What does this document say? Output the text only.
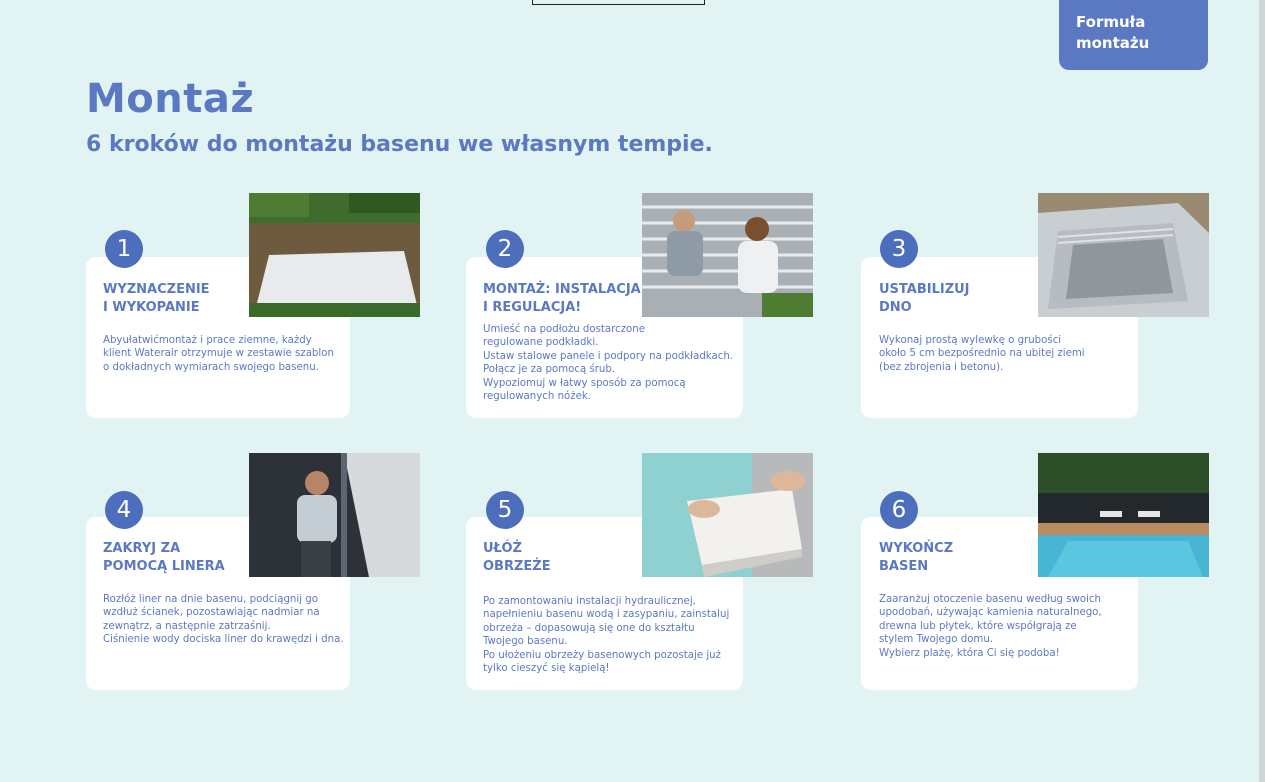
Formuła
montażu
Montaż
6 kroków do montażu basenu we własnym tempie.
1
WYZNACZENIE
I WYKOPANIE
Abyułatwićmontaż i prace ziemne, każdy
klient Waterair otrzymuje w zestawie szablon
o dokładnych wymiarach swojego basenu.
2
MONTAŻ: INSTALACJA
I REGULACJA!
Umieść na podłożu dostarczone
regulowane podkładki.
Ustaw stalowe panele i podpory na podkładkach.
Połącz je za pomocą śrub.
Wypoziomuj w łatwy sposób za pomocą
regulowanych nóżek.
3
USTABILIZUJ
DNO
Wykonaj prostą wylewkę o grubości
około 5 cm bezpośrednio na ubitej ziemi
(bez zbrojenia i betonu).
4
ZAKRYJ ZA
POMOCĄ LINERA
Rozłóż liner na dnie basenu, podciągnij go
wzdłuż ścianek, pozostawiając nadmiar na
zewnątrz, a następnie zatrzaśnij.
Ciśnienie wody dociska liner do krawędzi i dna.
5
UŁÓŻ
OBRZEŻE
Po zamontowaniu instalacji hydraulicznej,
napełnieniu basenu wodą i zasypaniu, zainstaluj
obrzeża – dopasowują się one do kształtu
Twojego basenu.
Po ułożeniu obrzeży basenowych pozostaje już
tylko cieszyć się kąpielą!
6
WYKOŃCZ
BASEN
Zaaranżuj otoczenie basenu według swoich
upodobań, używając kamienia naturalnego,
drewna lub płytek, które współgrają ze
stylem Twojego domu.
Wybierz plażę, która Ci się podoba!
